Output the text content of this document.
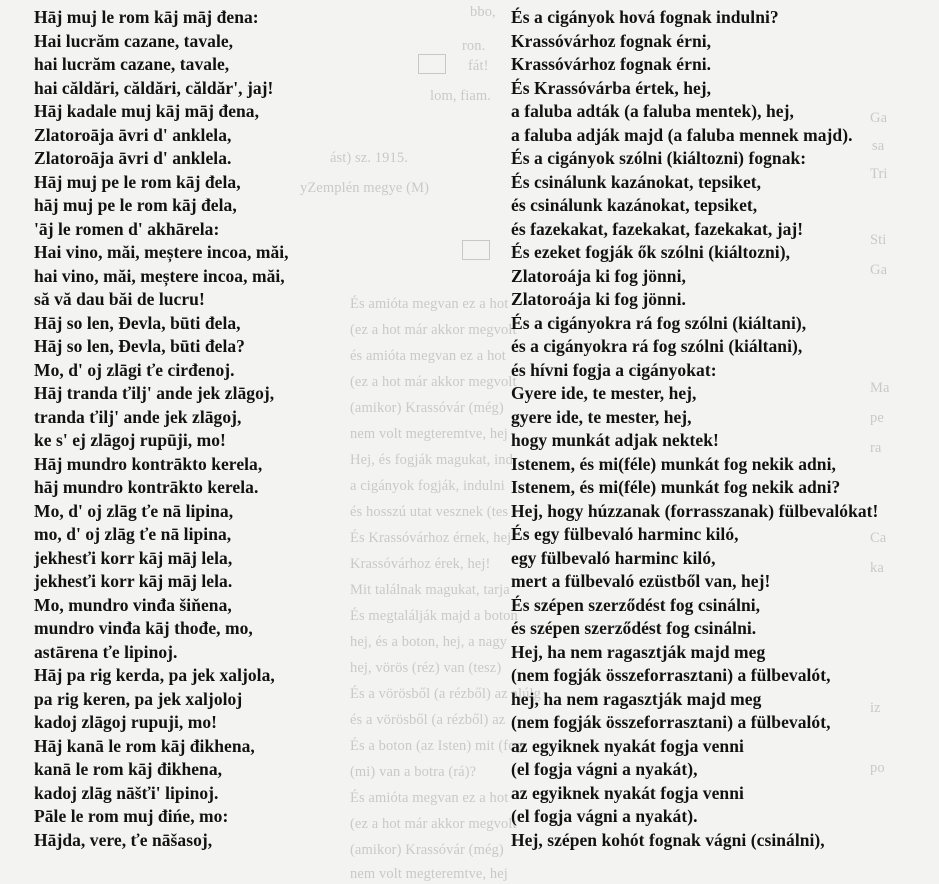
bbo,
ron.
fát!
lom, fiam.
ást) sz. 1915.
yZemplén megye (M)
És amióta megvan ez a hot
(ez a hot már akkor megvolt
és amióta megvan ez a hot
(ez a hot már akkor megvolt
(amikor) Krassóvár (még)
nem volt megteremtve, hej
Hej, és fogják magukat, ind
a cigányok fogják, indulni
és hosszú utat vesznek (tes
És Krassóvárhoz érnek, hej
Krassóvárhoz érek, hej!
Mit találnak magukat, tarja
És megtalálják majd a boton
hej, és a boton, hej, a nagy
hej, vörös (réz) van (tesz)
És a vörösből (a rézből) az alúlg
és a vörösből (a rézből) az
És a boton (az Isten) mit (fog
(mi) van a botra (rá)?
És amióta megvan ez a hot
(ez a hot már akkor megvolt
(amikor) Krassóvár (még)
nem volt megteremtve, hej
Ga
sa
Tri
Sti
Ga
Ma
pe
ra
Ca
ka
iz
po
Hāj muj le rom kāj māj đena:
Hai lucrăm cazane, tavale,
hai lucrăm cazane, tavale,
hai căldări, căldări, căldăr', jaj!
Hāj kadale muj kāj māj đena,
Zlatoroāja āvri d' anklela,
Zlatoroāja āvri d' anklela.
Hāj muj pe le rom kāj đela,
hāj muj pe le rom kāj đela,
'āj le romen d' akhārela:
Hai vino, măi, meștere incoa, măi,
hai vino, măi, meștere incoa, măi,
să vă dau băi de lucru!
Hāj so len, Đevla, būti đela,
Hāj so len, Đevla, būti đela?
Mo, d' oj zlāgi ťe cirđenoj.
Hāj tranda ťilj' ande jek zlāgoj,
tranda ťilj' ande jek zlāgoj,
ke s' ej zlāgoj rupūji, mo!
Hāj mundro kontrākto kerela,
hāj mundro kontrākto kerela.
Mo, d' oj zlāg ťe nā lipina,
mo, d' oj zlāg ťe nā lipina,
jekhesťi korr kāj māj lela,
jekhesťi korr kāj māj lela.
Mo, mundro vinđa šiňena,
mundro vinđa kāj thođe, mo,
astārena ťe lipinoj.
Hāj pa rig kerda, pa jek xaljola,
pa rig keren, pa jek xaljoloj
kadoj zlāgoj rupuji, mo!
Hāj kanā le rom kāj đikhena,
kanā le rom kāj đikhena,
kadoj zlāg nāšťi' lipinoj.
Pāle le rom muj đińe, mo:
Hājda, vere, ťe nāšasoj,
És a cigányok hová fognak indulni?
Krassóvárhoz fognak érni,
Krassóvárhoz fognak érni.
És Krassóvárba értek, hej,
a faluba adták (a faluba mentek), hej,
a faluba adják majd (a faluba mennek majd).
És a cigányok szólni (kiáltozni) fognak:
És csinálunk kazánokat, tepsiket,
és csinálunk kazánokat, tepsiket,
és fazekakat, fazekakat, fazekakat, jaj!
És ezeket fogják ők szólni (kiáltozni),
Zlatoroája ki fog jönni,
Zlatoroája ki fog jönni.
És a cigányokra rá fog szólni (kiáltani),
és a cigányokra rá fog szólni (kiáltani),
és hívni fogja a cigányokat:
Gyere ide, te mester, hej,
gyere ide, te mester, hej,
hogy munkát adjak nektek!
Istenem, és mi(féle) munkát fog nekik adni,
Istenem, és mi(féle) munkát fog nekik adni?
Hej, hogy húzzanak (forrasszanak) fülbevalókat!
És egy fülbevaló harminc kiló,
egy fülbevaló harminc kiló,
mert a fülbevaló ezüstből van, hej!
És szépen szerződést fog csinálni,
és szépen szerződést fog csinálni.
Hej, ha nem ragasztják majd meg
(nem fogják összeforrasztani) a fülbevalót,
hej, ha nem ragasztják majd meg
(nem fogják összeforrasztani) a fülbevalót,
az egyiknek nyakát fogja venni
(el fogja vágni a nyakát),
az egyiknek nyakát fogja venni
(el fogja vágni a nyakát).
Hej, szépen kohót fognak vágni (csinálni),
